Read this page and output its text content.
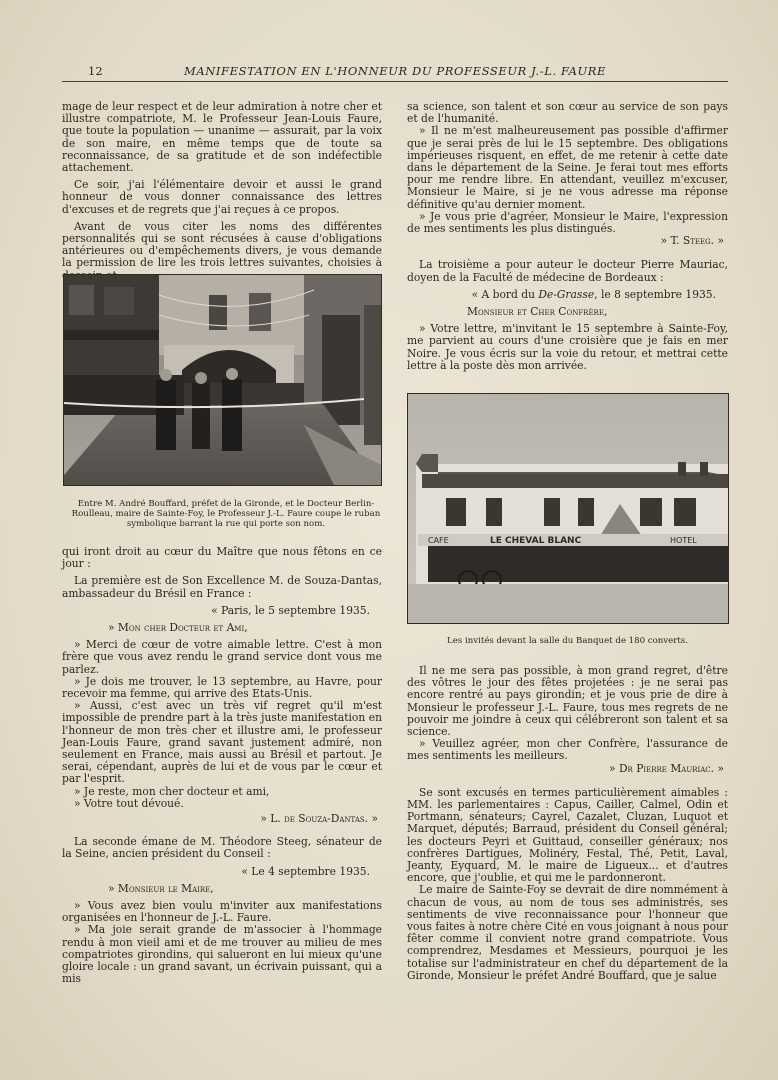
12	MANIFESTATION EN L'HONNEUR DU PROFESSEUR J.-L. FAURE

mage de leur respect et de leur admiration à notre cher et illustre compatriote, M. le Professeur Jean-Louis Faure, que toute la population — unanime — assurait, par la voix de son maire, en même temps que de toute sa reconnaissance, de sa gratitude et de son indéfectible attachement.

Ce soir, j'ai l'élémentaire devoir et aussi le grand honneur de vous donner connaissance des lettres d'excuses et de regrets que j'ai reçues à ce propos.

Avant de vous citer les noms des différentes personnalités qui se sont récusées à cause d'obligations antérieures ou d'empêchements divers, je vous demande la permission de lire les trois lettres suivantes, choisies à

Entre M. André Bouffard, préfet de la Gironde, et le Docteur Berlin-Roulleau, maire de Sainte-Foy, le Professeur J.-L. Faure coupe le ruban symbolique barrant la rue qui porte son nom.

qui iront droit au cœur du Maître que nous fêtons en ce jour :

La première est de Son Excellence M. de Souza-Dantas, ambassadeur du Brésil en France :

« Paris, le 5 septembre 1935.

» Mon cher Docteur et Ami,

» Merci de cœur de votre aimable lettre. C'est à mon frère que vous avez rendu le grand service dont vous me parlez.

» Je dois me trouver, le 13 septembre, au Havre, pour recevoir ma femme, qui arrive des Etats-Unis.

» Aussi, c'est avec un très vif regret qu'il m'est impossible de prendre part à la très juste manifestation en l'honneur de mon très cher et illustre ami, le professeur Jean-Louis Faure, grand savant justement admiré, non seulement en France, mais aussi au Brésil et partout. Je serai, cépendant, auprès de lui et de vous par le cœur et par l'esprit.

» Je reste, mon cher docteur et ami,

» Votre tout dévoué.

» L. de Souza-Dantas. »

La seconde émane de M. Théodore Steeg, sénateur de la Seine, ancien président du Conseil :

« Le 4 septembre 1935.

» Monsieur le Maire,

» Vous avez bien voulu m'inviter aux manifestations organisées en l'honneur de J.-L. Faure.

» Ma joie serait grande de m'associer à l'hommage rendu à mon vieil ami et de me trouver au milieu de mes compatriotes girondins, qui salueront en lui mieux qu'une gloire locale : un grand savant, un écrivain puissant, qui a mis

sa science, son talent et son cœur au service de son pays et de l'humanité.

» Il ne m'est malheureusement pas possible d'affirmer que je serai près de lui le 15 septembre. Des obligations impérieuses risquent, en effet, de me retenir à cette date dans le département de la Seine. Je ferai tout mes efforts pour me rendre libre. En attendant, veuillez m'excuser, Monsieur le Maire, si je ne vous adresse ma réponse définitive qu'au dernier moment.

» Je vous prie d'agréer, Monsieur le Maire, l'expression de mes sentiments les plus distingués.

» T. Steeg. »

La troisième a pour auteur le docteur Pierre Mauriac, doyen de la Faculté de médecine de Bordeaux :

« A bord du De-Grasse, le 8 septembre 1935.

Monsieur et Cher Confrère,

» Votre lettre, m'invitant le 15 septembre à Sainte-Foy, me parvient au cours d'une croisière que je fais en mer Noire. Je vous écris sur la voie du retour, et mettrai cette lettre à la poste dès mon arrivée.

CAFE	LE CHEVAL BLANC	HOTEL
Les invités devant la salle du Banquet de 180 converts.

Il ne me sera pas possible, à mon grand regret, d'être des vôtres le jour des fêtes projetées : je ne serai pas encore rentré au pays girondin; et je vous prie de dire à Monsieur le professeur J.-L. Faure, tous mes regrets de ne pouvoir me joindre à ceux qui célébreront son talent et sa science.

» Veuillez agréer, mon cher Confrère, l'assurance de mes sentiments les meilleurs.

» Dr Pierre Mauriac. »

Se sont excusés en termes particulièrement aimables : MM. les parlementaires : Capus, Cailler, Calmel, Odin et Portmann, sénateurs; Cayrel, Cazalet, Cluzan, Luquot et Marquet, députés; Barraud, président du Conseil général; les docteurs Peyri et Guittaud, conseiller généraux; nos confrères Dartigues, Molinéry, Festal, Thé, Petit, Laval, Jeanty, Eyquard, M. le maire de Ligueux... et d'autres encore, que j'oublie, et qui me le pardonneront.

Le maire de Sainte-Foy se devrait de dire nommément à chacun de vous, au nom de tous ses administrés, ses sentiments de vive reconnaissance pour l'honneur que vous faites à notre chère Cité en vous joignant à nous pour fêter comme il convient notre grand compatriote. Vous comprendrez, Mesdames et Messieurs, pourquoi je les totalise sur l'administrateur en chef du département de la Gironde, Monsieur le préfet André Bouffard, que je salue
